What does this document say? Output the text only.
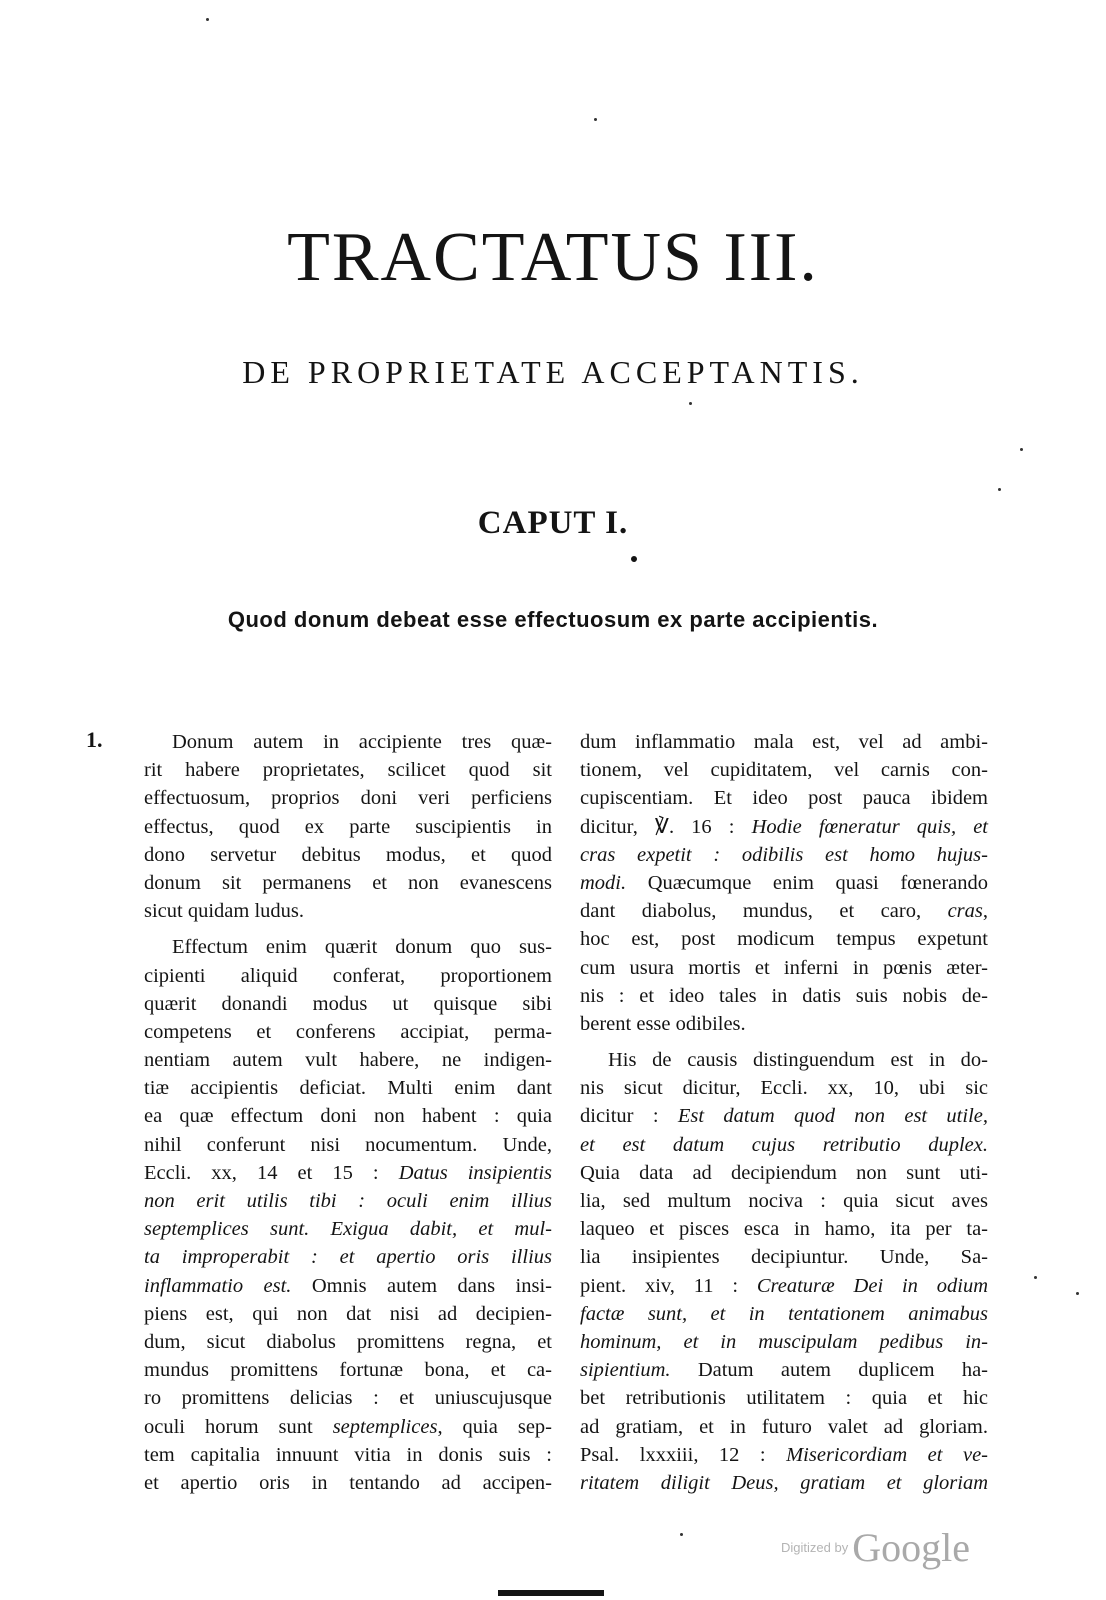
TRACTATUS III.
DE PROPRIETATE ACCEPTANTIS.
CAPUT I.
Quod donum debeat esse effectuosum ex parte accipientis.
1.	Donum autem in accipiente tres quæ-
rit habere proprietates, scilicet quod sit
effectuosum, proprios doni veri perficiens
effectus, quod ex parte suscipientis in
dono servetur debitus modus, et quod
donum sit permanens et non evanescens
sicut quidam ludus.
Effectum enim quærit donum quo sus-
cipienti aliquid conferat, proportionem
quærit donandi modus ut quisque sibi
competens et conferens accipiat, perma-
nentiam autem vult habere, ne indigen-
tiæ accipientis deficiat. Multi enim dant
ea quæ effectum doni non habent : quia
nihil conferunt nisi nocumentum. Unde,
Eccli. xx, 14 et 15 : Datus insipientis
non erit utilis tibi : oculi enim illius
septemplices sunt. Exigua dabit, et mul-
ta improperabit : et apertio oris illius
inflammatio est. Omnis autem dans insi-
piens est, qui non dat nisi ad decipien-
dum, sicut diabolus promittens regna, et
mundus promittens fortunæ bona, et ca-
ro promittens delicias : et uniuscujusque
oculi horum sunt septemplices, quia sep-
tem capitalia innuunt vitia in donis suis :
et apertio oris in tentando ad accipen-
dum inflammatio mala est, vel ad ambi-
tionem, vel cupiditatem, vel carnis con-
cupiscentiam. Et ideo post pauca ibidem
dicitur, ℣. 16 : Hodie fœneratur quis, et
cras expetit : odibilis est homo hujus-
modi. Quæcumque enim quasi fœnerando
dant diabolus, mundus, et caro, cras,
hoc est, post modicum tempus expetunt
cum usura mortis et inferni in pœnis æter-
nis : et ideo tales in datis suis nobis de-
berent esse odibiles.
His de causis distinguendum est in do-
nis sicut dicitur, Eccli. xx, 10, ubi sic
dicitur : Est datum quod non est utile,
et est datum cujus retributio duplex.
Quia data ad decipiendum non sunt uti-
lia, sed multum nociva : quia sicut aves
laqueo et pisces esca in hamo, ita per ta-
lia insipientes decipiuntur. Unde, Sa-
pient. xiv, 11 : Creaturæ Dei in odium
factæ sunt, et in tentationem animabus
hominum, et in muscipulam pedibus in-
sipientium. Datum autem duplicem ha-
bet retributionis utilitatem : quia et hic
ad gratiam, et in futuro valet ad gloriam.
Psal. lxxxiii, 12 : Misericordiam et ve-
ritatem diligit Deus, gratiam et gloriam
Digitized by Google
